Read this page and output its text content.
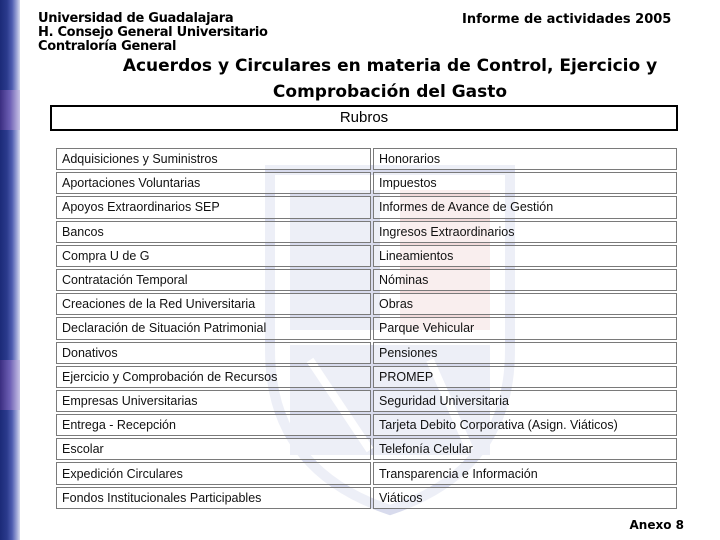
Universidad de Guadalajara
H. Consejo General Universitario
Contraloría General
Informe de actividades 2005
Acuerdos y Circulares en materia de Control, Ejercicio y
Comprobación del Gasto
Rubros
Adquisiciones y Suministros	Honorarios
Aportaciones Voluntarias	Impuestos
Apoyos Extraordinarios SEP	Informes de Avance de Gestión
Bancos	Ingresos Extraordinarios
Compra U de G	Lineamientos
Contratación Temporal	Nóminas
Creaciones de la Red Universitaria	Obras
Declaración de Situación Patrimonial	Parque Vehicular
Donativos	Pensiones
Ejercicio y Comprobación de Recursos	PROMEP
Empresas Universitarias	Seguridad Universitaria
Entrega - Recepción	Tarjeta Debito Corporativa (Asign. Viáticos)
Escolar	Telefonía Celular
Expedición Circulares	Transparencia e Información
Fondos Institucionales Participables	Viáticos
Anexo 8
